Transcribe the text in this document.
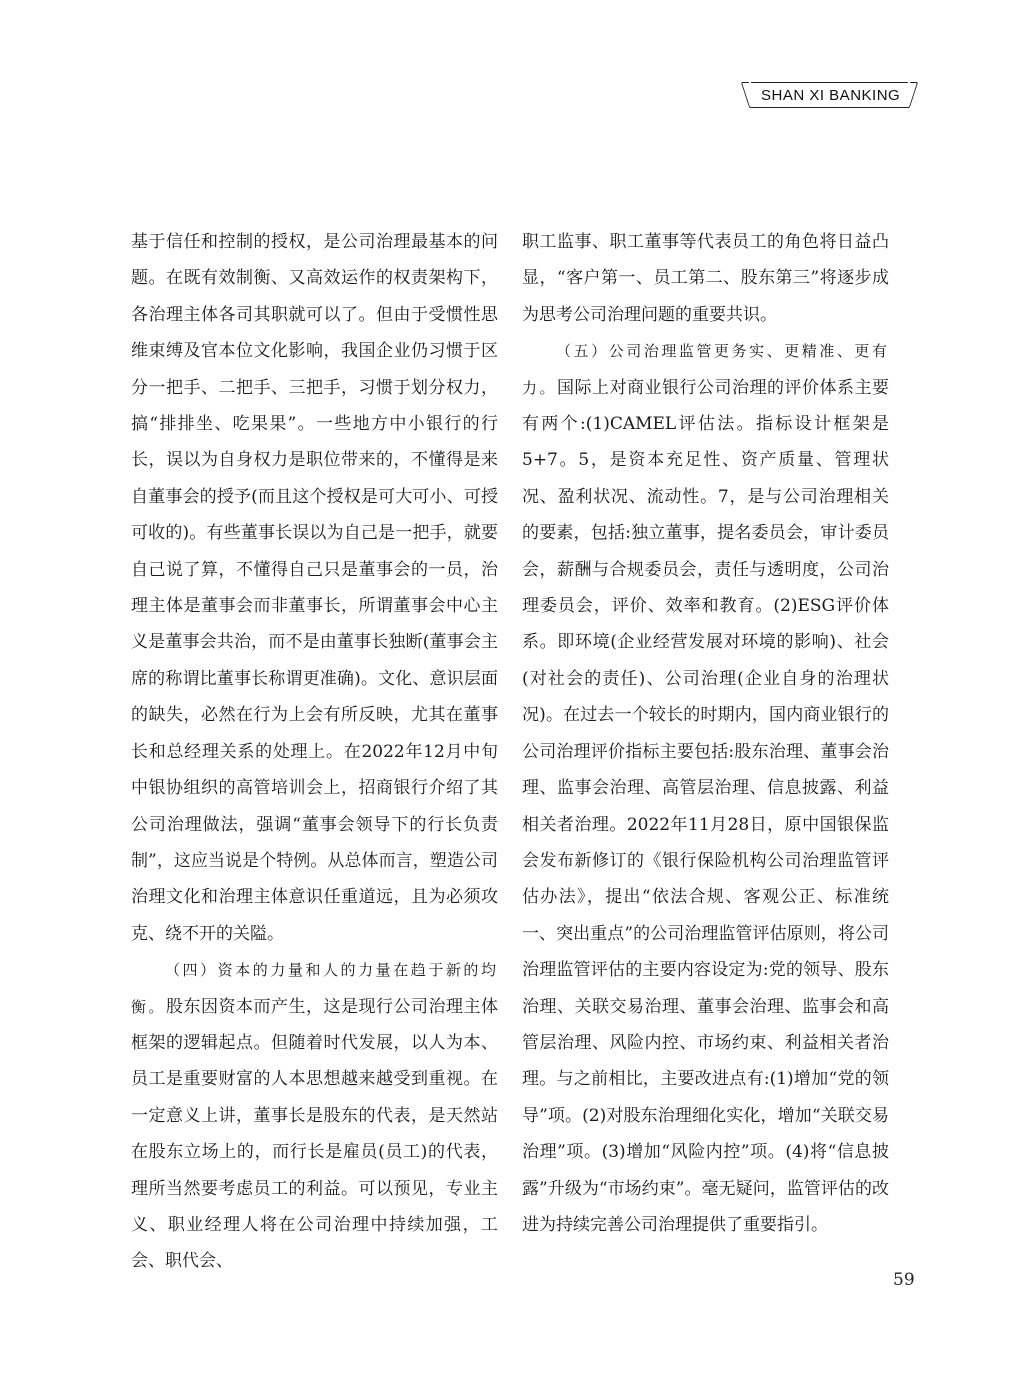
SHAN XI BANKING

基于信任和控制的授权，是公司治理最基本的问题。在既有效制衡、又高效运作的权责架构下，各治理主体各司其职就可以了。但由于受惯性思维束缚及官本位文化影响，我国企业仍习惯于区分一把手、二把手、三把手，习惯于划分权力，搞“排排坐、吃果果”。一些地方中小银行的行长，误以为自身权力是职位带来的，不懂得是来自董事会的授予(而且这个授权是可大可小、可授可收的)。有些董事长误以为自己是一把手，就要自己说了算，不懂得自己只是董事会的一员，治理主体是董事会而非董事长，所谓董事会中心主义是董事会共治，而不是由董事长独断(董事会主席的称谓比董事长称谓更准确)。文化、意识层面的缺失，必然在行为上会有所反映，尤其在董事长和总经理关系的处理上。在2022年12月中旬中银协组织的高管培训会上，招商银行介绍了其公司治理做法，强调“董事会领导下的行长负责制”，这应当说是个特例。从总体而言，塑造公司治理文化和治理主体意识任重道远，且为必须攻克、绕不开的关隘。

（四）资本的力量和人的力量在趋于新的均衡。股东因资本而产生，这是现行公司治理主体框架的逻辑起点。但随着时代发展，以人为本、员工是重要财富的人本思想越来越受到重视。在一定意义上讲，董事长是股东的代表，是天然站在股东立场上的，而行长是雇员(员工)的代表，理所当然要考虑员工的利益。可以预见，专业主义、职业经理人将在公司治理中持续加强，工会、职代会、

职工监事、职工董事等代表员工的角色将日益凸显，“客户第一、员工第二、股东第三”将逐步成为思考公司治理问题的重要共识。

（五）公司治理监管更务实、更精准、更有力。国际上对商业银行公司治理的评价体系主要有两个:(1)CAMEL评估法。指标设计框架是5+7。5，是资本充足性、资产质量、管理状况、盈利状况、流动性。7，是与公司治理相关的要素，包括:独立董事，提名委员会，审计委员会，薪酬与合规委员会，责任与透明度，公司治理委员会，评价、效率和教育。(2)ESG评价体系。即环境(企业经营发展对环境的影响)、社会(对社会的责任)、公司治理(企业自身的治理状况)。在过去一个较长的时期内，国内商业银行的公司治理评价指标主要包括:股东治理、董事会治理、监事会治理、高管层治理、信息披露、利益相关者治理。2022年11月28日，原中国银保监会发布新修订的《银行保险机构公司治理监管评估办法》，提出“依法合规、客观公正、标准统一、突出重点”的公司治理监管评估原则，将公司治理监管评估的主要内容设定为:党的领导、股东治理、关联交易治理、董事会治理、监事会和高管层治理、风险内控、市场约束、利益相关者治理。与之前相比，主要改进点有:(1)增加“党的领导”项。(2)对股东治理细化实化，增加“关联交易治理”项。(3)增加“风险内控”项。(4)将“信息披露”升级为“市场约束”。毫无疑问，监管评估的改进为持续完善公司治理提供了重要指引。

59
